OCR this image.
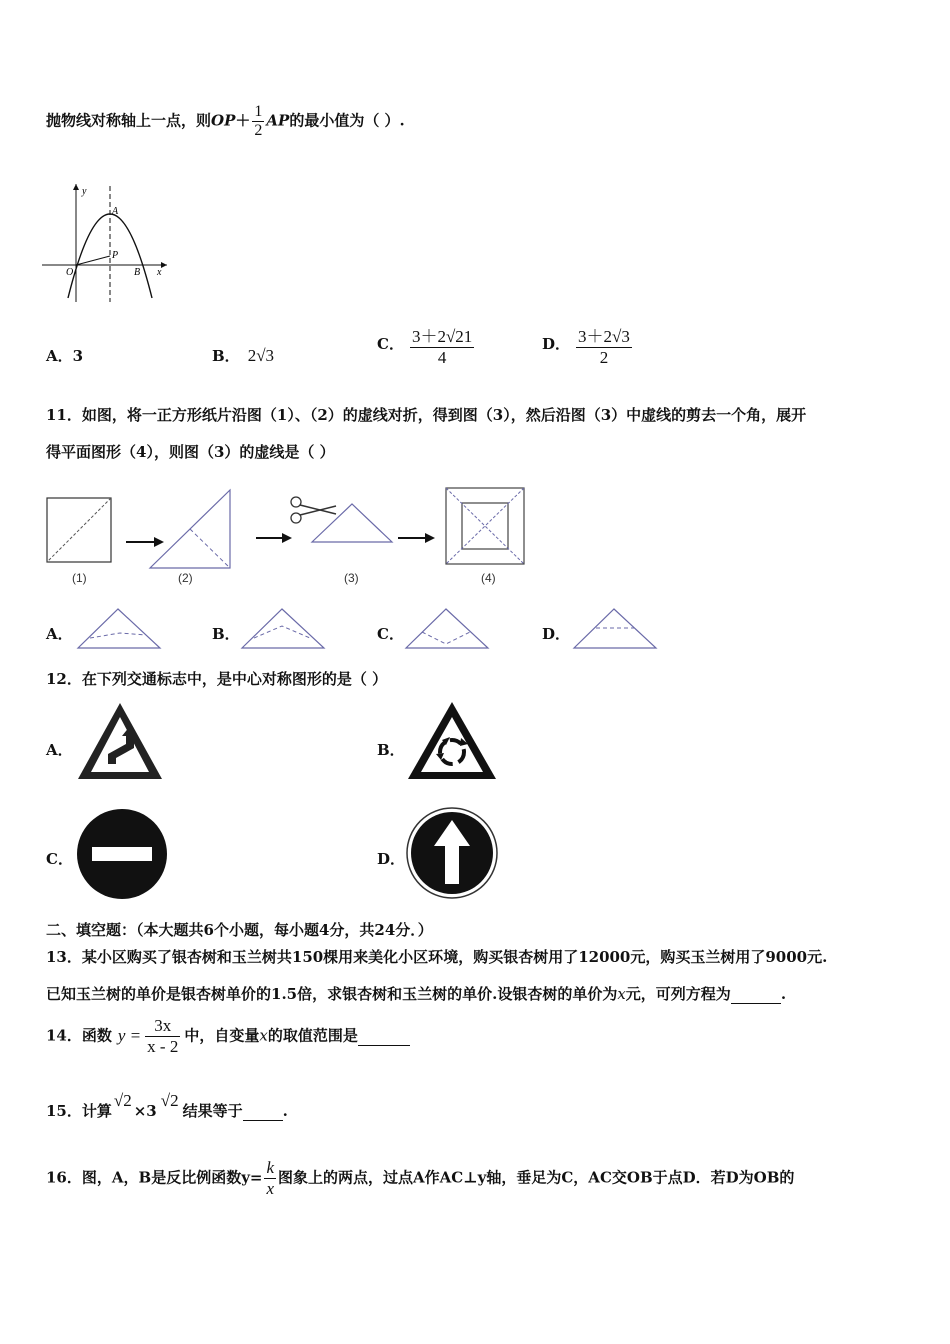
抛物线对称轴上一点，则$OP+ \frac{1}{2}$ AP的最小值为（ ）.
y
x
O
A
P
B
A．3	B． 2√3
C． $\frac{3+2√21}{4}$	D． $\frac{3+2√3}{2}$
11．如图，将一正方形纸片沿图（1）、（2）的虚线对折，得到图（3），然后沿图（3）中虚线的剪去一个角，展开
得平面图形（4），则图（3）的虚线是（ ）
(1)	(2)	(3)	(4)
A．	B．	C．	D．
12．在下列交通标志中，是中心对称图形的是（ ）
A．	B．
C．	D．
二、填空题：（本大题共6个小题，每小题4分，共24分．）
13．某小区购买了银杏树和玉兰树共150棵用来美化小区环境，购买银杏树用了12000元，购买玉兰树用了9000元.
已知玉兰树的单价是银杏树单价的1.5倍，求银杏树和玉兰树的单价.设银杏树的单价为x元，可列方程为	.
14．函数 $y = \frac{3x}{x - 2}$ 中，自变量x的取值范围是
15．计算√2×3√2结果等于	.
16．图，A，B是反比例函数$y= \frac{k}{x}$ 图象上的两点，过点A作AC⊥y轴，垂足为C，AC交OB于点D．若D为OB的
